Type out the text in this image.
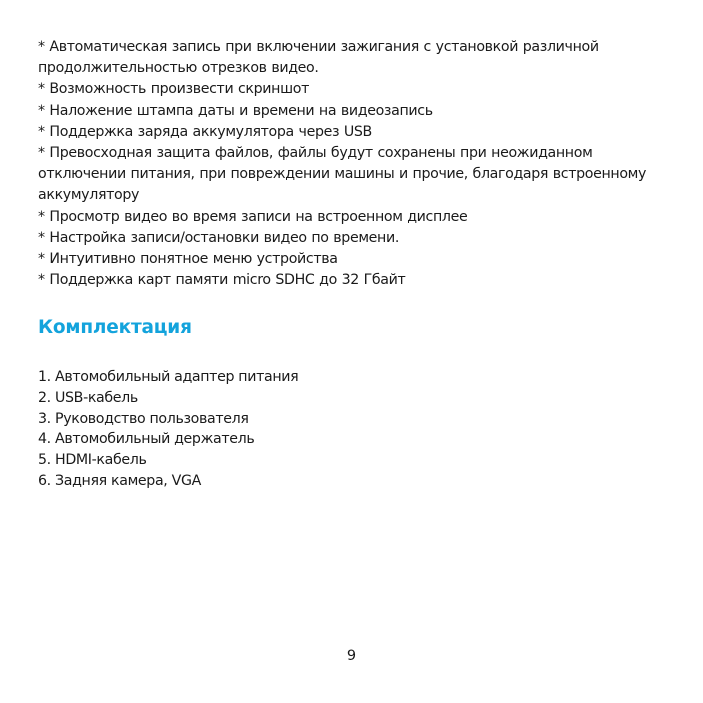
* Автоматическая запись при включении зажигания с установкой различной продолжительностью отрезков видео.

* Возможность произвести скриншот

* Наложение штампа даты и времени на видеозапись

* Поддержка заряда аккумулятора через USB

* Превосходная защита файлов, файлы будут сохранены при неожиданном отключении питания, при повреждении машины и прочие, благодаря встроенному аккумулятору

* Просмотр видео во время записи на встроенном дисплее

* Настройка записи/остановки видео по времени.

* Интуитивно понятное меню устройства

* Поддержка карт памяти micro SDHC до 32 Гбайт

Комплектация
1. Автомобильный адаптер питания
2. USB-кабель
3. Руководство пользователя
4. Автомобильный держатель
5. HDMI-кабель
6. Задняя камера, VGA
9
